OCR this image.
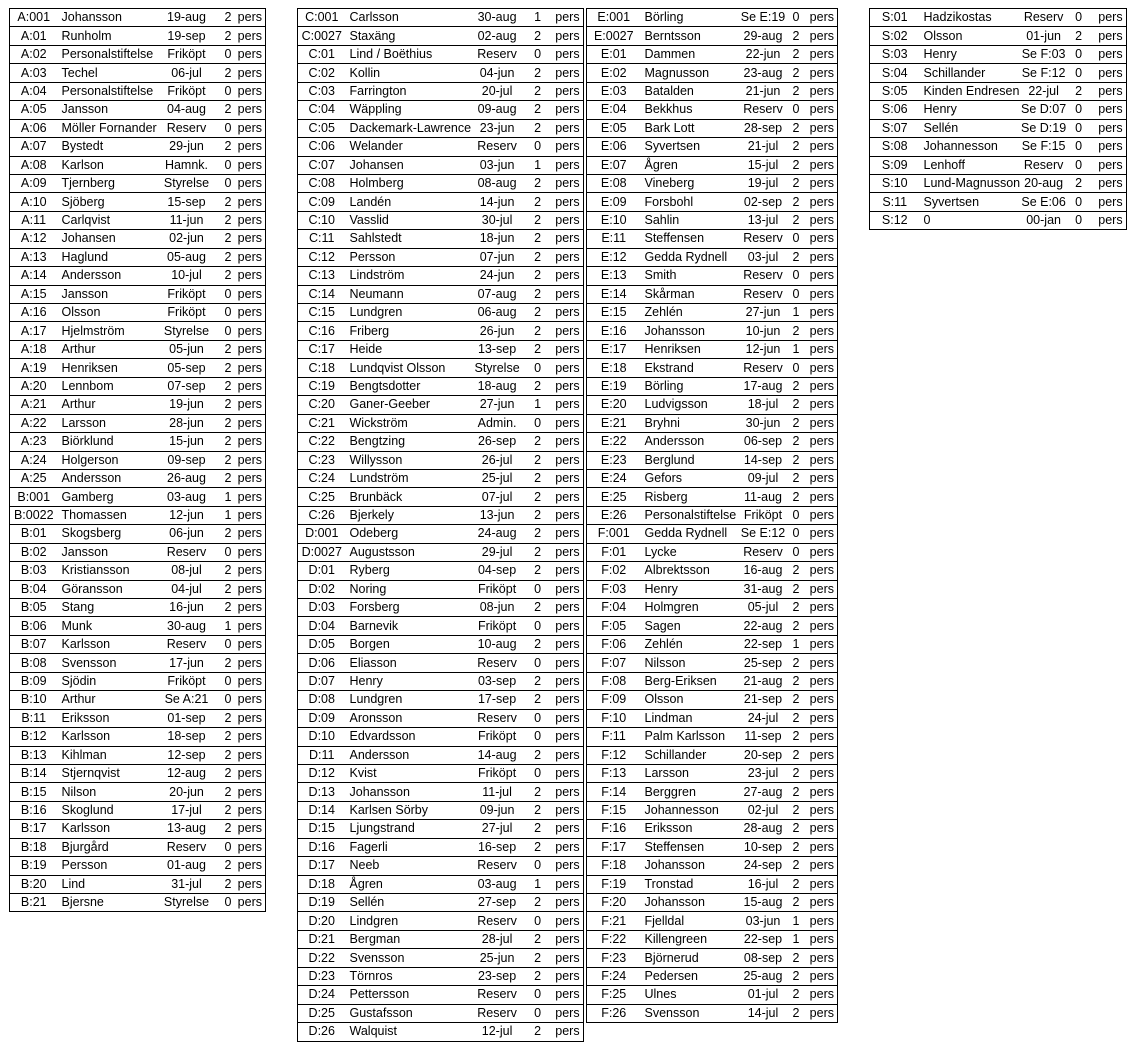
A:001	Johansson	19-aug	2	pers
A:01	Runholm	19-sep	2	pers
A:02	Personalstiftelse	Friköpt	0	pers
A:03	Techel	06-jul	2	pers
A:04	Personalstiftelse	Friköpt	0	pers
A:05	Jansson	04-aug	2	pers
A:06	Möller Fornander	Reserv	0	pers
A:07	Bystedt	29-jun	2	pers
A:08	Karlson	Hamnk.	0	pers
A:09	Tjernberg	Styrelse	0	pers
A:10	Sjöberg	15-sep	2	pers
A:11	Carlqvist	11-jun	2	pers
A:12	Johansen	02-jun	2	pers
A:13	Haglund	05-aug	2	pers
A:14	Andersson	10-jul	2	pers
A:15	Jansson	Friköpt	0	pers
A:16	Olsson	Friköpt	0	pers
A:17	Hjelmström	Styrelse	0	pers
A:18	Arthur	05-jun	2	pers
A:19	Henriksen	05-sep	2	pers
A:20	Lennbom	07-sep	2	pers
A:21	Arthur	19-jun	2	pers
A:22	Larsson	28-jun	2	pers
A:23	Biörklund	15-jun	2	pers
A:24	Holgerson	09-sep	2	pers
A:25	Andersson	26-aug	2	pers
B:001	Gamberg	03-aug	1	pers
B:0022	Thomassen	12-jun	1	pers
B:01	Skogsberg	06-jun	2	pers
B:02	Jansson	Reserv	0	pers
B:03	Kristiansson	08-jul	2	pers
B:04	Göransson	04-jul	2	pers
B:05	Stang	16-jun	2	pers
B:06	Munk	30-aug	1	pers
B:07	Karlsson	Reserv	0	pers
B:08	Svensson	17-jun	2	pers
B:09	Sjödin	Friköpt	0	pers
B:10	Arthur	Se A:21	0	pers
B:11	Eriksson	01-sep	2	pers
B:12	Karlsson	18-sep	2	pers
B:13	Kihlman	12-sep	2	pers
B:14	Stjernqvist	12-aug	2	pers
B:15	Nilson	20-jun	2	pers
B:16	Skoglund	17-jul	2	pers
B:17	Karlsson	13-aug	2	pers
B:18	Bjurgård	Reserv	0	pers
B:19	Persson	01-aug	2	pers
B:20	Lind	31-jul	2	pers
B:21	Bjersne	Styrelse	0	pers
C:001	Carlsson	30-aug	1	pers
C:0027	Staxäng	02-aug	2	pers
C:01	Lind / Boëthius	Reserv	0	pers
C:02	Kollin	04-jun	2	pers
C:03	Farrington	20-jul	2	pers
C:04	Wäppling	09-aug	2	pers
C:05	Dackemark-Lawrence	23-jun	2	pers
C:06	Welander	Reserv	0	pers
C:07	Johansen	03-jun	1	pers
C:08	Holmberg	08-aug	2	pers
C:09	Landén	14-jun	2	pers
C:10	Vasslid	30-jul	2	pers
C:11	Sahlstedt	18-jun	2	pers
C:12	Persson	07-jun	2	pers
C:13	Lindström	24-jun	2	pers
C:14	Neumann	07-aug	2	pers
C:15	Lundgren	06-aug	2	pers
C:16	Friberg	26-jun	2	pers
C:17	Heide	13-sep	2	pers
C:18	Lundqvist Olsson	Styrelse	0	pers
C:19	Bengtsdotter	18-aug	2	pers
C:20	Ganer-Geeber	27-jun	1	pers
C:21	Wickström	Admin.	0	pers
C:22	Bengtzing	26-sep	2	pers
C:23	Willysson	26-jul	2	pers
C:24	Lundström	25-jul	2	pers
C:25	Brunbäck	07-jul	2	pers
C:26	Bjerkely	13-jun	2	pers
D:001	Odeberg	24-aug	2	pers
D:0027	Augustsson	29-jul	2	pers
D:01	Ryberg	04-sep	2	pers
D:02	Noring	Friköpt	0	pers
D:03	Forsberg	08-jun	2	pers
D:04	Barnevik	Friköpt	0	pers
D:05	Borgen	10-aug	2	pers
D:06	Eliasson	Reserv	0	pers
D:07	Henry	03-sep	2	pers
D:08	Lundgren	17-sep	2	pers
D:09	Aronsson	Reserv	0	pers
D:10	Edvardsson	Friköpt	0	pers
D:11	Andersson	14-aug	2	pers
D:12	Kvist	Friköpt	0	pers
D:13	Johansson	11-jul	2	pers
D:14	Karlsen Sörby	09-jun	2	pers
D:15	Ljungstrand	27-jul	2	pers
D:16	Fagerli	16-sep	2	pers
D:17	Neeb	Reserv	0	pers
D:18	Ågren	03-aug	1	pers
D:19	Sellén	27-sep	2	pers
D:20	Lindgren	Reserv	0	pers
D:21	Bergman	28-jul	2	pers
D:22	Svensson	25-jun	2	pers
D:23	Törnros	23-sep	2	pers
D:24	Pettersson	Reserv	0	pers
D:25	Gustafsson	Reserv	0	pers
D:26	Walquist	12-jul	2	pers
E:001	Börling	Se E:19	0	pers
E:0027	Berntsson	29-aug	2	pers
E:01	Dammen	22-jun	2	pers
E:02	Magnusson	23-aug	2	pers
E:03	Batalden	21-jun	2	pers
E:04	Bekkhus	Reserv	0	pers
E:05	Bark Lott	28-sep	2	pers
E:06	Syvertsen	21-jul	2	pers
E:07	Ågren	15-jul	2	pers
E:08	Vineberg	19-jul	2	pers
E:09	Forsbohl	02-sep	2	pers
E:10	Sahlin	13-jul	2	pers
E:11	Steffensen	Reserv	0	pers
E:12	Gedda Rydnell	03-jul	2	pers
E:13	Smith	Reserv	0	pers
E:14	Skårman	Reserv	0	pers
E:15	Zehlén	27-jun	1	pers
E:16	Johansson	10-jun	2	pers
E:17	Henriksen	12-jun	1	pers
E:18	Ekstrand	Reserv	0	pers
E:19	Börling	17-aug	2	pers
E:20	Ludvigsson	18-jul	2	pers
E:21	Bryhni	30-jun	2	pers
E:22	Andersson	06-sep	2	pers
E:23	Berglund	14-sep	2	pers
E:24	Gefors	09-jul	2	pers
E:25	Risberg	11-aug	2	pers
E:26	Personalstiftelse	Friköpt	0	pers
F:001	Gedda Rydnell	Se E:12	0	pers
F:01	Lycke	Reserv	0	pers
F:02	Albrektsson	16-aug	2	pers
F:03	Henry	31-aug	2	pers
F:04	Holmgren	05-jul	2	pers
F:05	Sagen	22-aug	2	pers
F:06	Zehlén	22-sep	1	pers
F:07	Nilsson	25-sep	2	pers
F:08	Berg-Eriksen	21-aug	2	pers
F:09	Olsson	21-sep	2	pers
F:10	Lindman	24-jul	2	pers
F:11	Palm Karlsson	11-sep	2	pers
F:12	Schillander	20-sep	2	pers
F:13	Larsson	23-jul	2	pers
F:14	Berggren	27-aug	2	pers
F:15	Johannesson	02-jul	2	pers
F:16	Eriksson	28-aug	2	pers
F:17	Steffensen	10-sep	2	pers
F:18	Johansson	24-sep	2	pers
F:19	Tronstad	16-jul	2	pers
F:20	Johansson	15-aug	2	pers
F:21	Fjelldal	03-jun	1	pers
F:22	Killengreen	22-sep	1	pers
F:23	Björnerud	08-sep	2	pers
F:24	Pedersen	25-aug	2	pers
F:25	Ulnes	01-jul	2	pers
F:26	Svensson	14-jul	2	pers
S:01	Hadzikostas	Reserv	0	pers
S:02	Olsson	01-jun	2	pers
S:03	Henry	Se F:03	0	pers
S:04	Schillander	Se F:12	0	pers
S:05	Kinden Endresen	22-jul	2	pers
S:06	Henry	Se D:07	0	pers
S:07	Sellén	Se D:19	0	pers
S:08	Johannesson	Se F:15	0	pers
S:09	Lenhoff	Reserv	0	pers
S:10	Lund-Magnusson	20-aug	2	pers
S:11	Syvertsen	Se E:06	0	pers
S:12	0	00-jan	0	pers
